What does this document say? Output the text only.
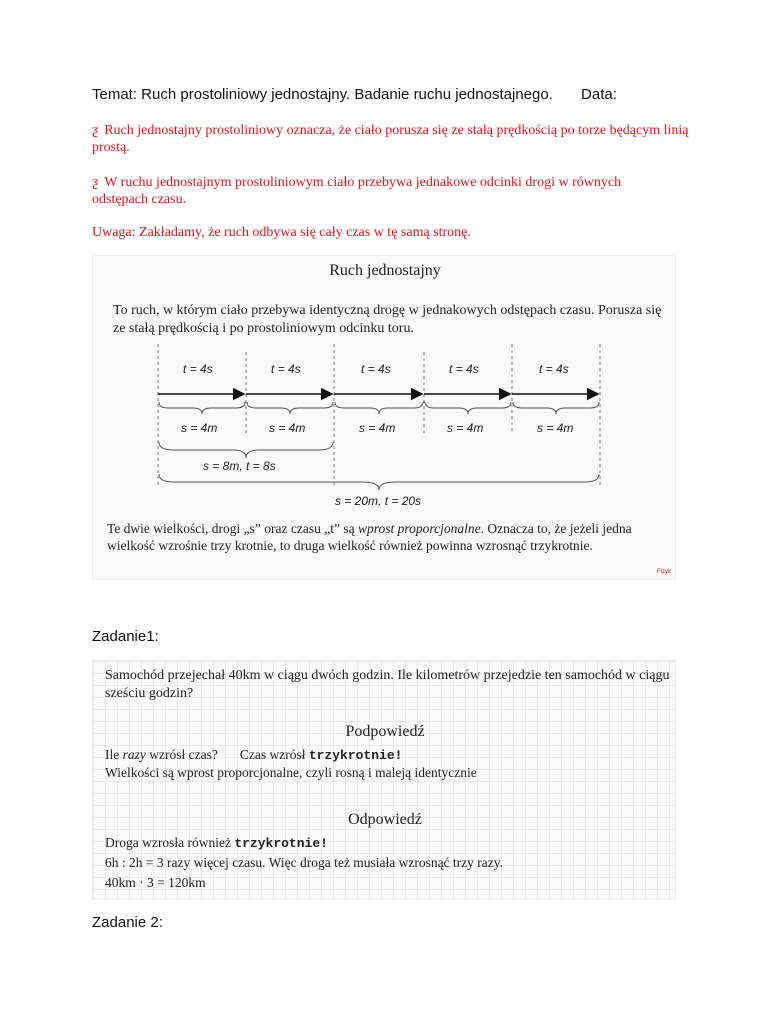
Temat: Ruch prostoliniowy jednostajny. Badanie ruchu jednostajnego. Data:
ƺ Ruch jednostajny prostoliniowy oznacza, że ciało porusza się ze stałą prędkością po torze będącym linią prostą.
ƺ W ruchu jednostajnym prostoliniowym ciało przebywa jednakowe odcinki drogi w równych odstępach czasu.
Uwaga: Zakładamy, że ruch odbywa się cały czas w tę samą stronę.
Ruch jednostajny
To ruch, w którym ciało przebywa identyczną drogę w jednakowych odstępach czasu. Porusza się ze stałą prędkością i po prostoliniowym odcinku toru.
t = 4s	t = 4s	t = 4s	t = 4s	t = 4s
s = 4m	s = 4m	s = 4m	s = 4m	s = 4m
s = 8m, t = 8s
s = 20m, t = 20s
Te dwie wielkości, drogi „s” oraz czasu „t” są wprost proporcjonalne. Oznacza to, że jeżeli jedna wielkość wzrośnie trzy krotnie, to druga wielkość również powinna wzrosnąć trzykrotnie.
Fizyk
Zadanie1:
Samochód przejechał 40km w ciągu dwóch godzin. Ile kilometrów przejedzie ten samochód w ciągu sześciu godzin?
Podpowiedź
Ile razy wzrósł czas? Czas wzrósł trzykrotnie!
Wielkości są wprost proporcjonalne, czyli rosną i maleją identycznie
Odpowiedź
Droga wzrosła również trzykrotnie!
6h : 2h = 3 razy więcej czasu. Więc droga też musiała wzrosnąć trzy razy.
40km · 3 = 120km
Zadanie 2:
